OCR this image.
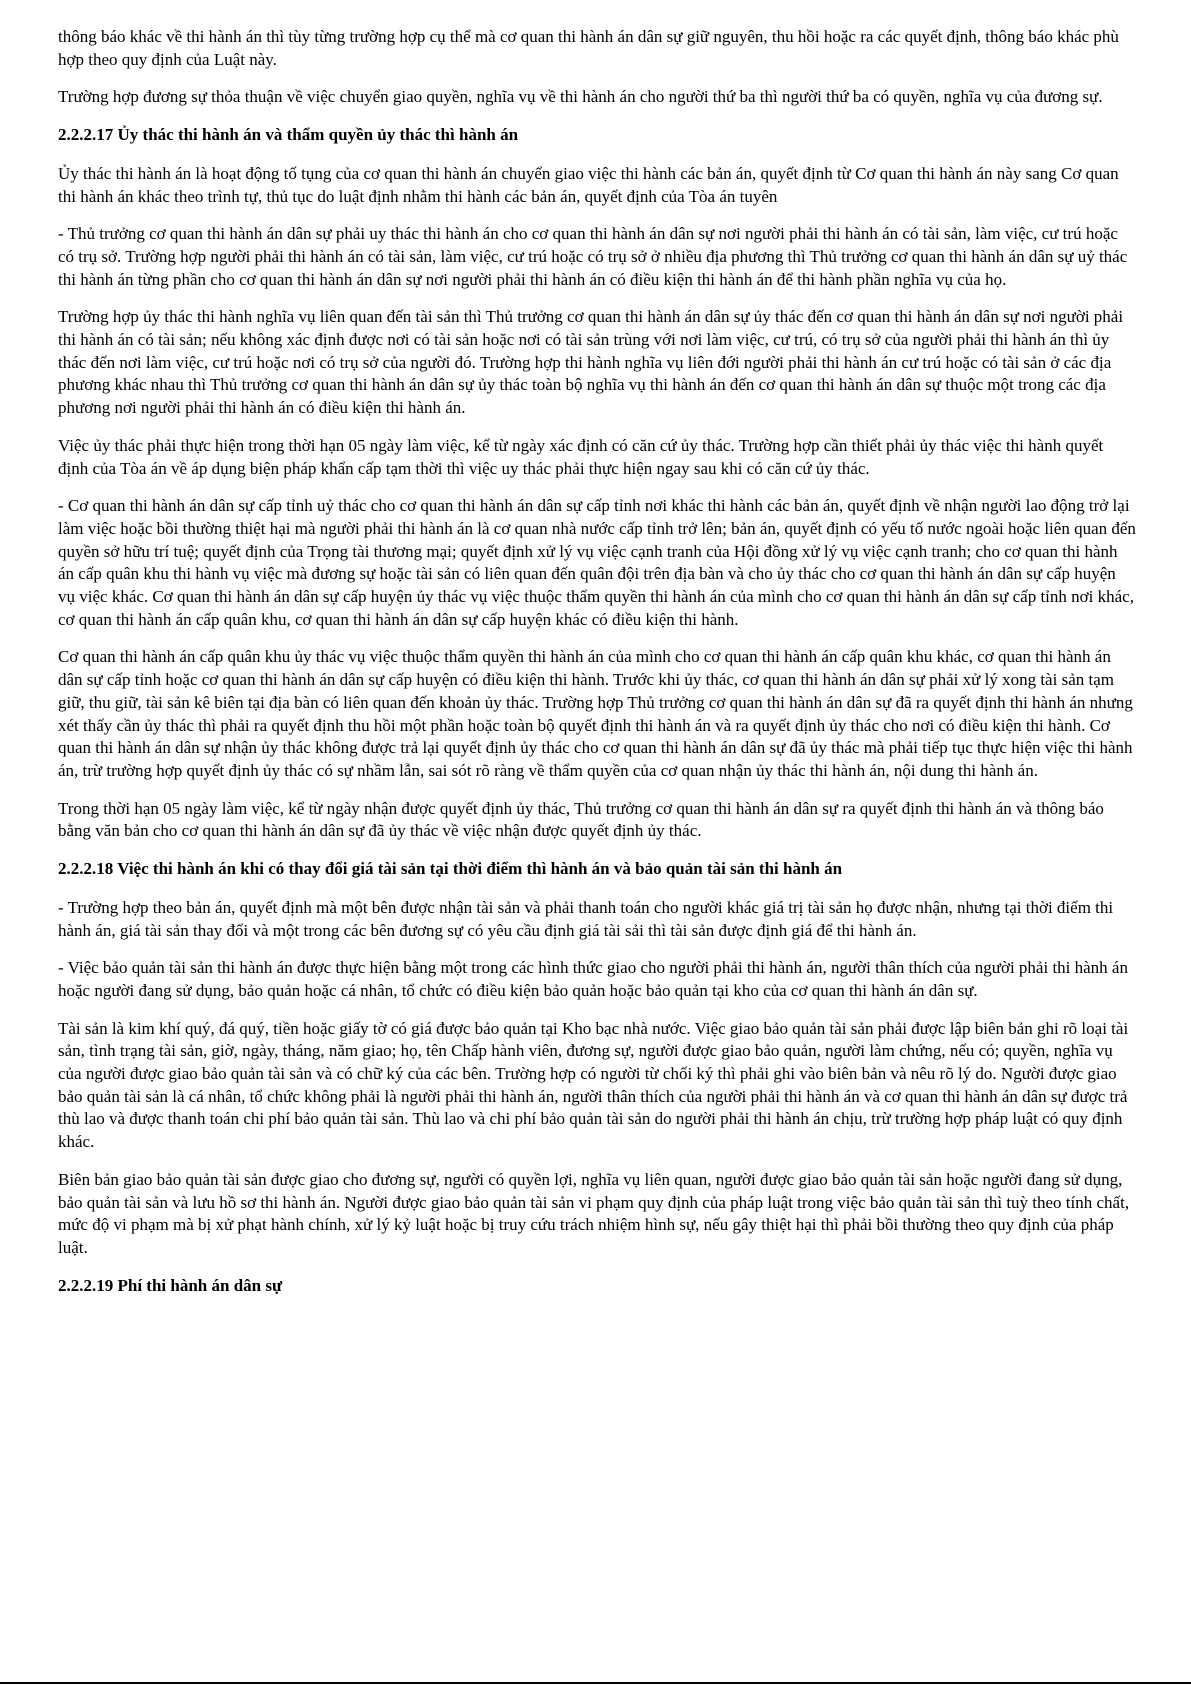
thông báo khác về thi hành án thì tùy từng trường hợp cụ thể mà cơ quan thi hành án dân sự giữ nguyên, thu hồi hoặc ra các quyết định, thông báo khác phù hợp theo quy định của Luật này.

Trường hợp đương sự thỏa thuận về việc chuyển giao quyền, nghĩa vụ về thi hành án cho người thứ ba thì người thứ ba có quyền, nghĩa vụ của đương sự.

2.2.2.17 Ủy thác thi hành án và thẩm quyền ủy thác thì hành án

Ủy thác thi hành án là hoạt động tố tụng của cơ quan thi hành án chuyển giao việc thi hành các bản án, quyết định từ Cơ quan thi hành án này sang Cơ quan thi hành án khác theo trình tự, thủ tục do luật định nhằm thi hành các bản án, quyết định của Tòa án tuyên

- Thủ trưởng cơ quan thi hành án dân sự phải uy thác thi hành án cho cơ quan thi hành án dân sự nơi người phải thi hành án có tài sản, làm việc, cư trú hoặc có trụ sở. Trường hợp người phải thi hành án có tài sản, làm việc, cư trú hoặc có trụ sở ở nhiều địa phương thì Thủ trưởng cơ quan thi hành án dân sự uỷ thác thi hành án từng phần cho cơ quan thi hành án dân sự nơi người phải thi hành án có điều kiện thi hành án để thi hành phần nghĩa vụ của họ.

Trường hợp ủy thác thi hành nghĩa vụ liên quan đến tài sản thì Thủ trưởng cơ quan thi hành án dân sự ủy thác đến cơ quan thi hành án dân sự nơi người phải thi hành án có tài sản; nếu không xác định được nơi có tài sản hoặc nơi có tài sản trùng với nơi làm việc, cư trú, có trụ sở của người phải thi hành án thì ủy thác đến nơi làm việc, cư trú hoặc nơi có trụ sở của người đó. Trường hợp thi hành nghĩa vụ liên đới người phải thi hành án cư trú hoặc có tài sản ở các địa phương khác nhau thì Thủ trưởng cơ quan thi hành án dân sự ủy thác toàn bộ nghĩa vụ thi hành án đến cơ quan thi hành án dân sự thuộc một trong các địa phương nơi người phải thi hành án có điều kiện thi hành án.

Việc ủy thác phải thực hiện trong thời hạn 05 ngày làm việc, kể từ ngày xác định có căn cứ ủy thác. Trường hợp cần thiết phải ủy thác việc thi hành quyết định của Tòa án về áp dụng biện pháp khẩn cấp tạm thời thì việc uy thác phải thực hiện ngay sau khi có căn cứ ủy thác.

- Cơ quan thi hành án dân sự cấp tỉnh uỷ thác cho cơ quan thi hành án dân sự cấp tỉnh nơi khác thi hành các bản án, quyết định về nhận người lao động trở lại làm việc hoặc bồi thường thiệt hại mà người phải thi hành án là cơ quan nhà nước cấp tỉnh trở lên; bản án, quyết định có yếu tố nước ngoài hoặc liên quan đến quyền sở hữu trí tuệ; quyết định của Trọng tài thương mại; quyết định xử lý vụ việc cạnh tranh của Hội đồng xử lý vụ việc cạnh tranh; cho cơ quan thi hành án cấp quân khu thi hành vụ việc mà đương sự hoặc tài sản có liên quan đến quân đội trên địa bàn và cho ủy thác cho cơ quan thi hành án dân sự cấp huyện vụ việc khác. Cơ quan thi hành án dân sự cấp huyện ủy thác vụ việc thuộc thẩm quyền thi hành án của mình cho cơ quan thi hành án dân sự cấp tỉnh nơi khác, cơ quan thi hành án cấp quân khu, cơ quan thi hành án dân sự cấp huyện khác có điều kiện thi hành.

Cơ quan thi hành án cấp quân khu ủy thác vụ việc thuộc thẩm quyền thi hành án của mình cho cơ quan thi hành án cấp quân khu khác, cơ quan thi hành án dân sự cấp tỉnh hoặc cơ quan thi hành án dân sự cấp huyện có điều kiện thi hành. Trước khi ủy thác, cơ quan thi hành án dân sự phải xử lý xong tài sản tạm giữ, thu giữ, tài sản kê biên tại địa bàn có liên quan đến khoản ủy thác. Trường hợp Thủ trưởng cơ quan thi hành án dân sự đã ra quyết định thi hành án nhưng xét thấy cần ủy thác thì phải ra quyết định thu hồi một phần hoặc toàn bộ quyết định thi hành án và ra quyết định ủy thác cho nơi có điều kiện thi hành. Cơ quan thi hành án dân sự nhận ủy thác không được trả lại quyết định ủy thác cho cơ quan thi hành án dân sự đã ủy thác mà phải tiếp tục thực hiện việc thi hành án, trừ trường hợp quyết định ủy thác có sự nhầm lẫn, sai sót rõ ràng về thẩm quyền của cơ quan nhận ủy thác thi hành án, nội dung thi hành án.

Trong thời hạn 05 ngày làm việc, kể từ ngày nhận được quyết định ủy thác, Thủ trưởng cơ quan thi hành án dân sự ra quyết định thi hành án và thông báo bằng văn bản cho cơ quan thi hành án dân sự đã ủy thác về việc nhận được quyết định ủy thác.

2.2.2.18 Việc thi hành án khi có thay đổi giá tài sản tại thời điểm thì hành án và bảo quản tài sản thi hành án

- Trường hợp theo bản án, quyết định mà một bên được nhận tài sản và phải thanh toán cho người khác giá trị tài sản họ được nhận, nhưng tại thời điểm thi hành án, giá tài sản thay đổi và một trong các bên đương sự có yêu cầu định giá tài sải thì tài sản được định giá để thi hành án.

- Việc bảo quản tài sản thi hành án được thực hiện bằng một trong các hình thức giao cho người phải thi hành án, người thân thích của người phải thi hành án hoặc người đang sử dụng, bảo quản hoặc cá nhân, tổ chức có điều kiện bảo quản hoặc bảo quản tại kho của cơ quan thi hành án dân sự.

Tài sản là kim khí quý, đá quý, tiền hoặc giấy tờ có giá được bảo quản tại Kho bạc nhà nước. Việc giao bảo quản tài sản phải được lập biên bản ghi rõ loại tài sản, tình trạng tài sản, giờ, ngày, tháng, năm giao; họ, tên Chấp hành viên, đương sự, người được giao bảo quản, người làm chứng, nếu có; quyền, nghĩa vụ của người được giao bảo quản tài sản và có chữ ký của các bên. Trường hợp có người từ chối ký thì phải ghi vào biên bản và nêu rõ lý do. Người được giao bảo quản tài sản là cá nhân, tổ chức không phải là người phải thi hành án, người thân thích của người phải thi hành án và cơ quan thi hành án dân sự được trả thù lao và được thanh toán chi phí bảo quản tài sản. Thù lao và chi phí bảo quản tài sản do người phải thi hành án chịu, trừ trường hợp pháp luật có quy định khác.

Biên bản giao bảo quản tài sản được giao cho đương sự, người có quyền lợi, nghĩa vụ liên quan, người được giao bảo quản tài sản hoặc người đang sử dụng, bảo quản tài sản và lưu hồ sơ thi hành án. Người được giao bảo quản tài sản vi phạm quy định của pháp luật trong việc bảo quản tài sản thì tuỳ theo tính chất, mức độ vi phạm mà bị xử phạt hành chính, xử lý kỷ luật hoặc bị truy cứu trách nhiệm hình sự, nếu gây thiệt hại thì phải bồi thường theo quy định của pháp luật.

2.2.2.19 Phí thi hành án dân sự
